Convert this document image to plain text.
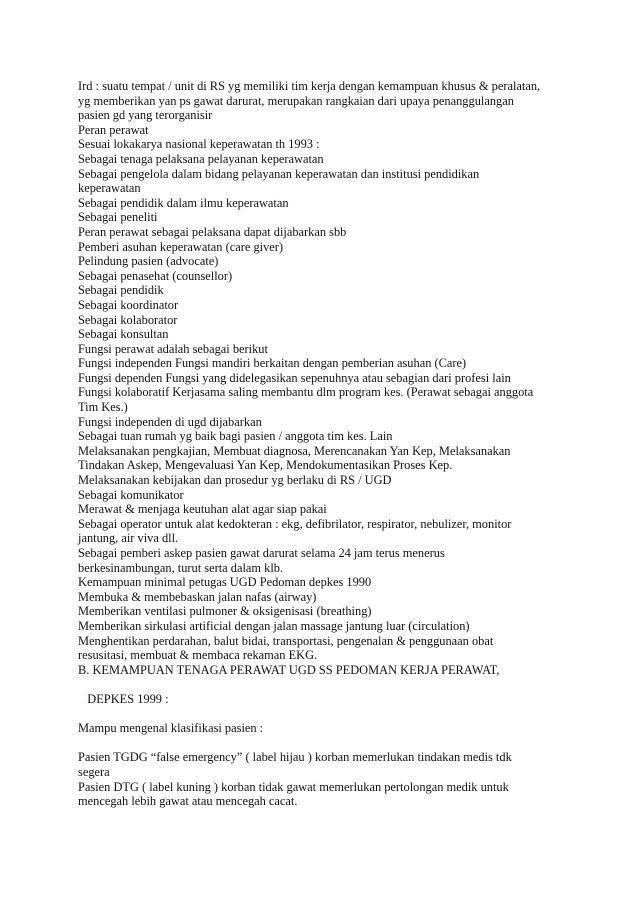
Ird : suatu tempat / unit di RS yg memiliki tim kerja dengan kemampuan khusus & peralatan,
yg memberikan yan ps gawat darurat, merupakan rangkaian dari upaya penanggulangan
pasien gd yang terorganisir
Peran perawat
Sesuai lokakarya nasional keperawatan th 1993 :
Sebagai tenaga pelaksana pelayanan keperawatan
Sebagai pengelola dalam bidang pelayanan keperawatan dan institusi pendidikan
keperawatan
Sebagai pendidik dalam ilmu keperawatan
Sebagai peneliti
Peran perawat sebagai pelaksana dapat dijabarkan sbb
Pemberi asuhan keperawatan (care giver)
Pelindung pasien (advocate)
Sebagai penasehat (counsellor)
Sebagai pendidik
Sebagai koordinator
Sebagai kolaborator
Sebagai konsultan
Fungsi perawat adalah sebagai berikut
Fungsi independen Fungsi mandiri berkaitan dengan pemberian asuhan (Care)
Fungsi dependen Fungsi yang didelegasikan sepenuhnya atau sebagian dari profesi lain
Fungsi kolaboratif Kerjasama saling membantu dlm program kes. (Perawat sebagai anggota
Tim Kes.)
Fungsi independen di ugd dijabarkan
Sebagai tuan rumah yg baik bagi pasien / anggota tim kes. Lain
Melaksanakan pengkajian, Membuat diagnosa, Merencanakan Yan Kep, Melaksanakan
Tindakan Askep, Mengevaluasi Yan Kep, Mendokumentasikan Proses Kep.
Melaksanakan kebijakan dan prosedur yg berlaku di RS / UGD
Sebagai komunikator
Merawat & menjaga keutuhan alat agar siap pakai
Sebagai operator untuk alat kedokteran : ekg, defibrilator, respirator, nebulizer, monitor
jantung, air viva dll.
Sebagai pemberi askep pasien gawat darurat selama 24 jam terus menerus
berkesinambungan, turut serta dalam klb.
Kemampuan minimal petugas UGD Pedoman depkes 1990
Membuka & membebaskan jalan nafas (airway)
Memberikan ventilasi pulmoner & oksigenisasi (breathing)
Memberikan sirkulasi artificial dengan jalan massage jantung luar (circulation)
Menghentikan perdarahan, balut bidai, transportasi, pengenalan & penggunaan obat
resusitasi, membuat & membaca rekaman EKG.
B. KEMAMPUAN TENAGA PERAWAT UGD SS PEDOMAN KERJA PERAWAT,
DEPKES 1999 :
Mampu mengenal klasifikasi pasien :
Pasien TGDG “false emergency” ( label hijau ) korban memerlukan tindakan medis tdk
segera
Pasien DTG ( label kuning ) korban tidak gawat memerlukan pertolongan medik untuk
mencegah lebih gawat atau mencegah cacat.
